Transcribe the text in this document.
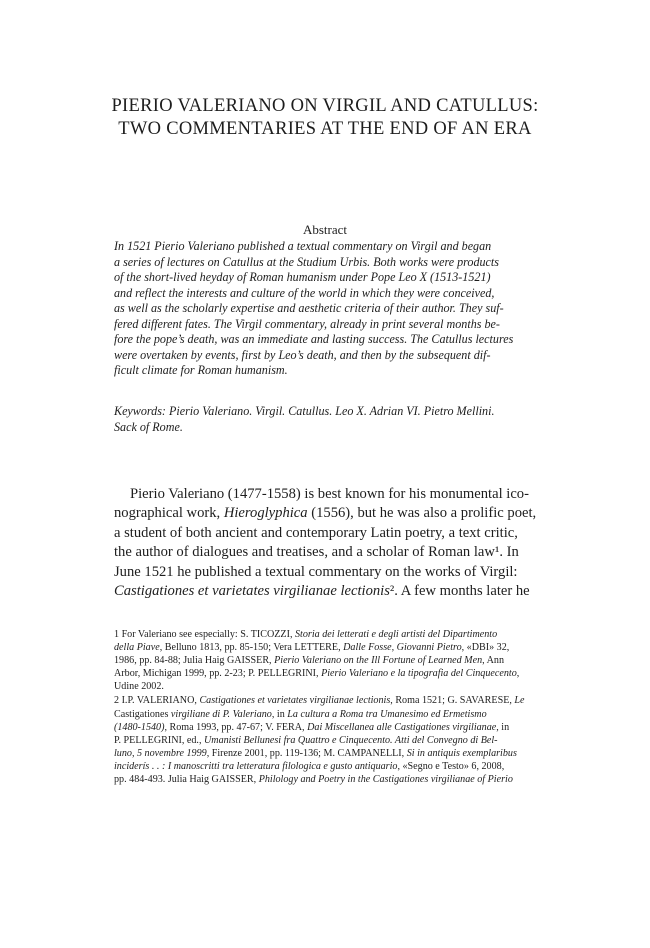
PIERIO VALERIANO ON VIRGIL AND CATULLUS:
TWO COMMENTARIES AT THE END OF AN ERA
Abstract
In 1521 Pierio Valeriano published a textual commentary on Virgil and began
a series of lectures on Catullus at the Studium Urbis. Both works were products
of the short-lived heyday of Roman humanism under Pope Leo X (1513-1521)
and reflect the interests and culture of the world in which they were conceived,
as well as the scholarly expertise and aesthetic criteria of their author. They suf-
fered different fates. The Virgil commentary, already in print several months be-
fore the pope’s death, was an immediate and lasting success. The Catullus lectures
were overtaken by events, first by Leo’s death, and then by the subsequent dif-
ficult climate for Roman humanism.
Keywords: Pierio Valeriano. Virgil. Catullus. Leo X. Adrian VI. Pietro Mellini.
Sack of Rome.
Pierio Valeriano (1477-1558) is best known for his monumental ico-
nographical work, Hieroglyphica (1556), but he was also a prolific poet,
a student of both ancient and contemporary Latin poetry, a text critic,
the author of dialogues and treatises, and a scholar of Roman law¹. In
June 1521 he published a textual commentary on the works of Virgil:
Castigationes et varietates virgilianae lectionis². A few months later he
1 For Valeriano see especially: S. TICOZZI, Storia dei letterati e degli artisti del Dipartimento
della Piave, Belluno 1813, pp. 85-150; Vera LETTERE, Dalle Fosse, Giovanni Pietro, «DBI» 32,
1986, pp. 84-88; Julia Haig GAISSER, Pierio Valeriano on the Ill Fortune of Learned Men, Ann
Arbor, Michigan 1999, pp. 2-23; P. PELLEGRINI, Pierio Valeriano e la tipografia del Cinquecento,
Udine 2002.
2 I.P. VALERIANO, Castigationes et varietates virgilianae lectionis, Roma 1521; G. SAVARESE, Le
Castigationes virgiliane di P. Valeriano, in La cultura a Roma tra Umanesimo ed Ermetismo
(1480-1540), Roma 1993, pp. 47-67; V. FERA, Dai Miscellanea alle Castigationes virgilianae, in
P. PELLEGRINI, ed., Umanisti Bellunesi fra Quattro e Cinquecento. Atti del Convegno di Bel-
luno, 5 novembre 1999, Firenze 2001, pp. 119-136; M. CAMPANELLI, Si in antiquis exemplaribus
inciderís . . : I manoscritti tra letteratura filologica e gusto antiquario, «Segno e Testo» 6, 2008,
pp. 484-493. Julia Haig GAISSER, Philology and Poetry in the Castigationes virgilianae of Pierio
